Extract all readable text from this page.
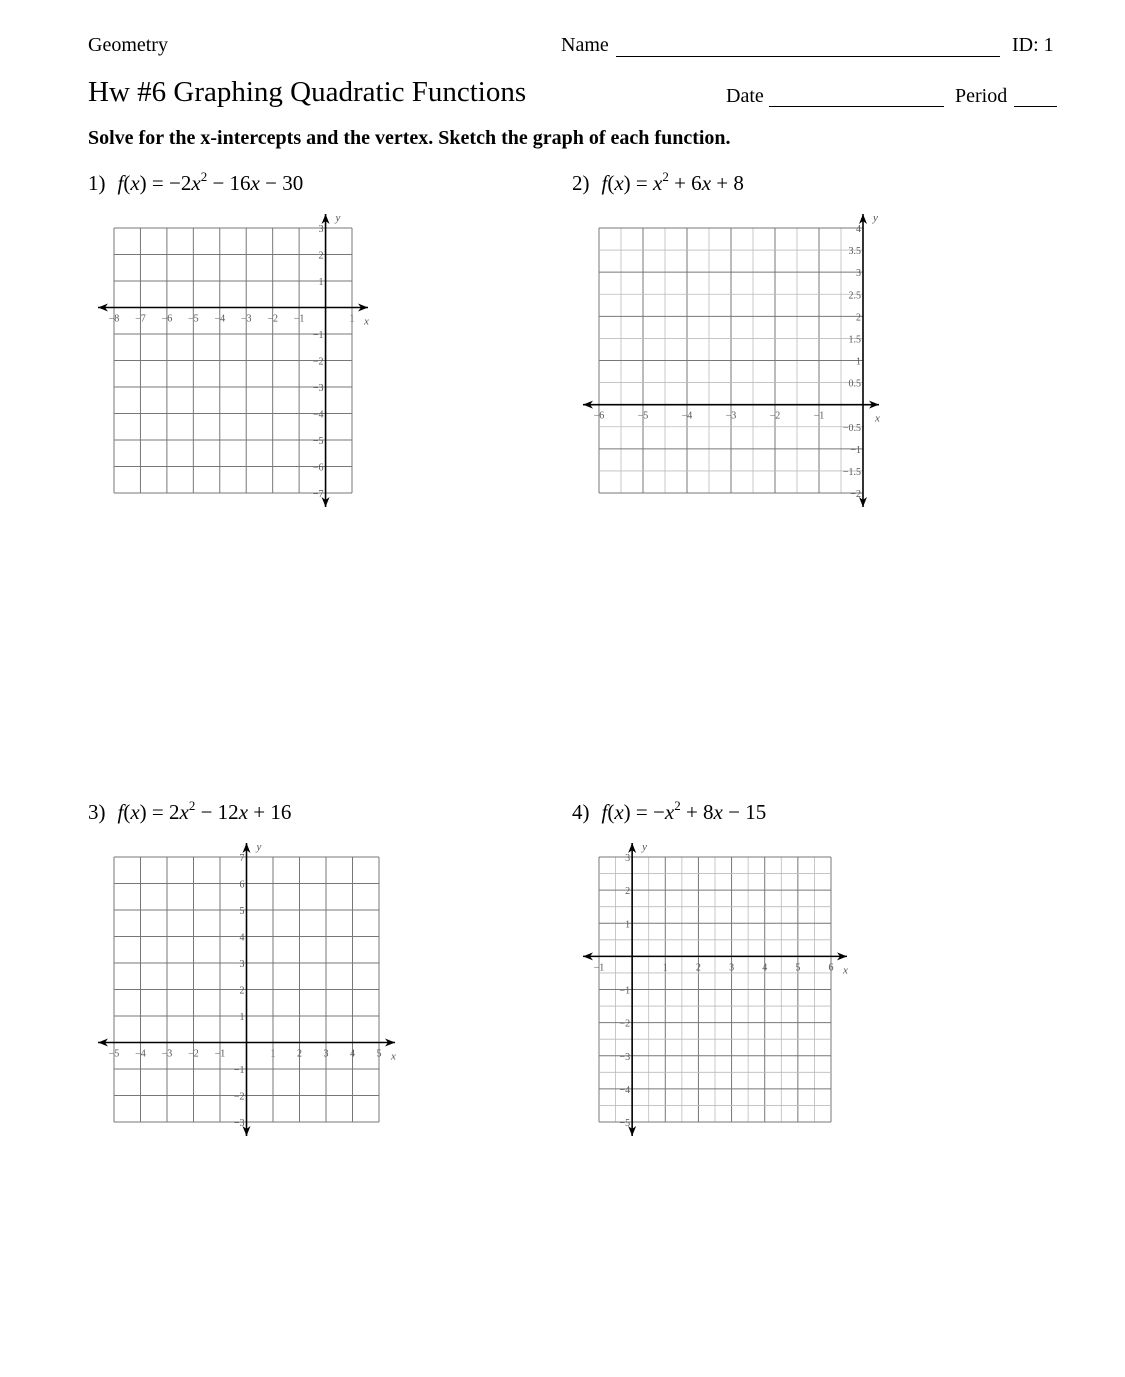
Geometry	Name	ID: 1
Hw #6 Graphing Quadratic Functions	Date	Period
Solve for the x-intercepts and the vertex. Sketch the graph of each function.
1) $f(x) = -2x^2 - 16x - 30$	2) $f(x) = x^2 + 6x + 8$
3) $f(x) = 2x^2 - 12x + 16$	4) $f(x) = -x^2 + 8x - 15$
x
y
−8 −7 −6 −5 −4 −3 −2 −1	1
3
2
1
−1
−2
−3
−4
−5
−6
−7
x
y
−6	−5	−4	−3	−2	−1
4
3.5
3
2.5
2
1.5
1
0.5
−0.5
−1
−1.5
−2
x
y
−5 −4 −3 −2 −1	1 2 3 4 5
7
6
5
4
3
2
1
−1
−2
−3
x
y
−1	1	2	3	4	5	6
3
2
1
−1
−2
−3
−4
−5
